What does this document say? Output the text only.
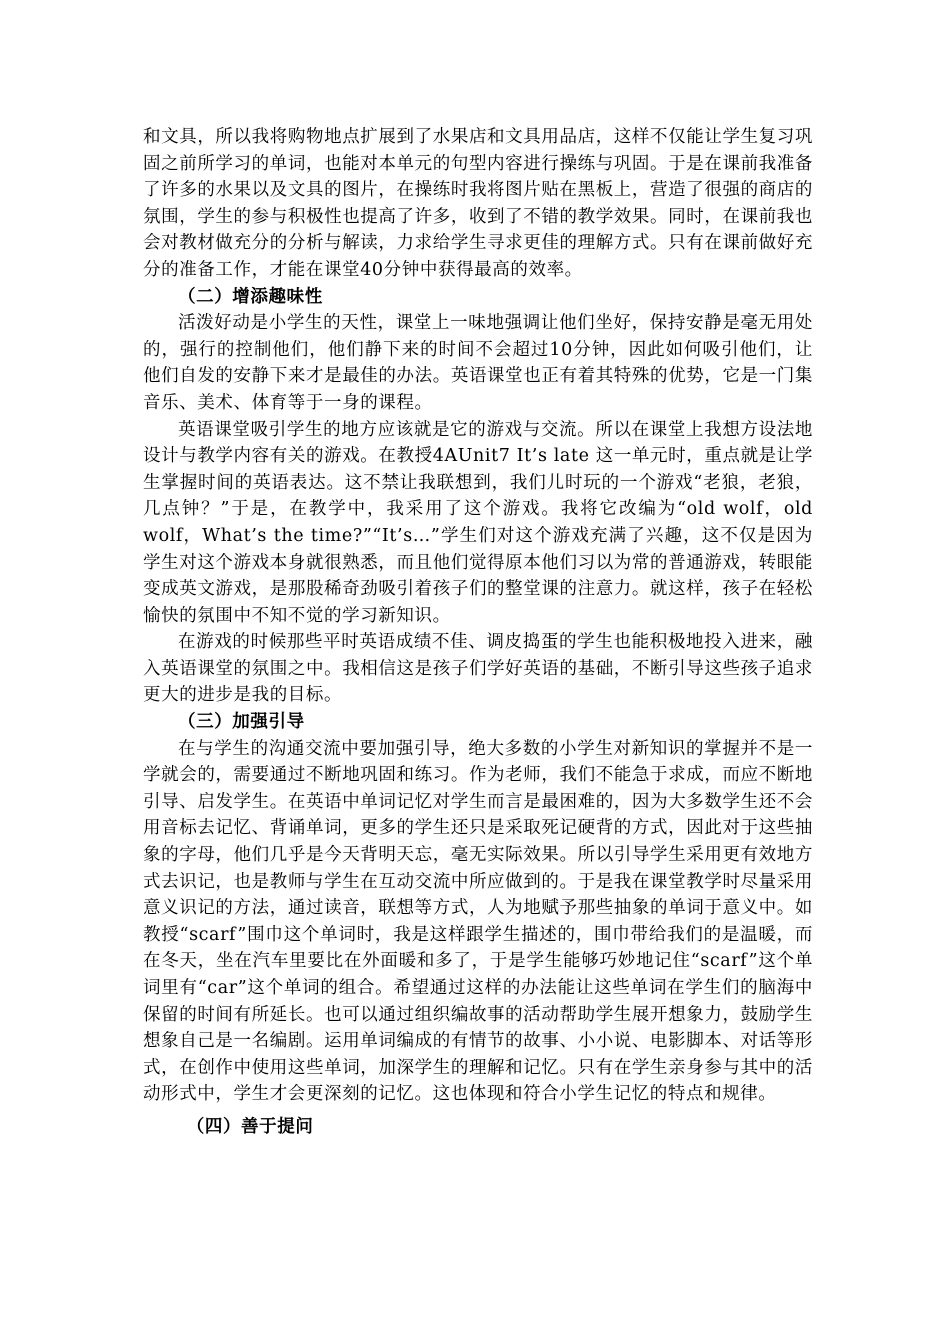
和文具，所以我将购物地点扩展到了水果店和文具用品店，这样不仅能让学生复习巩固之前所学习的单词，也能对本单元的句型内容进行操练与巩固。于是在课前我准备了许多的水果以及文具的图片，在操练时我将图片贴在黑板上，营造了很强的商店的氛围，学生的参与积极性也提高了许多，收到了不错的教学效果。同时，在课前我也会对教材做充分的分析与解读，力求给学生寻求更佳的理解方式。只有在课前做好充分的准备工作，才能在课堂40分钟中获得最高的效率。

（二）增添趣味性

活泼好动是小学生的天性，课堂上一味地强调让他们坐好，保持安静是毫无用处的，强行的控制他们，他们静下来的时间不会超过10分钟，因此如何吸引他们，让他们自发的安静下来才是最佳的办法。英语课堂也正有着其特殊的优势，它是一门集音乐、美术、体育等于一身的课程。

英语课堂吸引学生的地方应该就是它的游戏与交流。所以在课堂上我想方设法地设计与教学内容有关的游戏。在教授4AUnit7 It’s late 这一单元时，重点就是让学生掌握时间的英语表达。这不禁让我联想到，我们儿时玩的一个游戏“老狼，老狼，几点钟？”于是，在教学中，我采用了这个游戏。我将它改编为“old wolf，old wolf，What’s the time?”“It’s…”学生们对这个游戏充满了兴趣，这不仅是因为学生对这个游戏本身就很熟悉，而且他们觉得原本他们习以为常的普通游戏，转眼能变成英文游戏，是那股稀奇劲吸引着孩子们的整堂课的注意力。就这样，孩子在轻松愉快的氛围中不知不觉的学习新知识。

在游戏的时候那些平时英语成绩不佳、调皮捣蛋的学生也能积极地投入进来，融入英语课堂的氛围之中。我相信这是孩子们学好英语的基础，不断引导这些孩子追求更大的进步是我的目标。

（三）加强引导

在与学生的沟通交流中要加强引导，绝大多数的小学生对新知识的掌握并不是一学就会的，需要通过不断地巩固和练习。作为老师，我们不能急于求成，而应不断地引导、启发学生。在英语中单词记忆对学生而言是最困难的，因为大多数学生还不会用音标去记忆、背诵单词，更多的学生还只是采取死记硬背的方式，因此对于这些抽象的字母，他们几乎是今天背明天忘，毫无实际效果。所以引导学生采用更有效地方式去识记，也是教师与学生在互动交流中所应做到的。于是我在课堂教学时尽量采用意义识记的方法，通过读音，联想等方式，人为地赋予那些抽象的单词于意义中。如教授“scarf”围巾这个单词时，我是这样跟学生描述的，围巾带给我们的是温暖，而在冬天，坐在汽车里要比在外面暖和多了，于是学生能够巧妙地记住“scarf”这个单词里有“car”这个单词的组合。希望通过这样的办法能让这些单词在学生们的脑海中保留的时间有所延长。也可以通过组织编故事的活动帮助学生展开想象力，鼓励学生想象自己是一名编剧。运用单词编成的有情节的故事、小小说、电影脚本、对话等形式，在创作中使用这些单词，加深学生的理解和记忆。只有在学生亲身参与其中的活动形式中，学生才会更深刻的记忆。这也体现和符合小学生记忆的特点和规律。

（四）善于提问
